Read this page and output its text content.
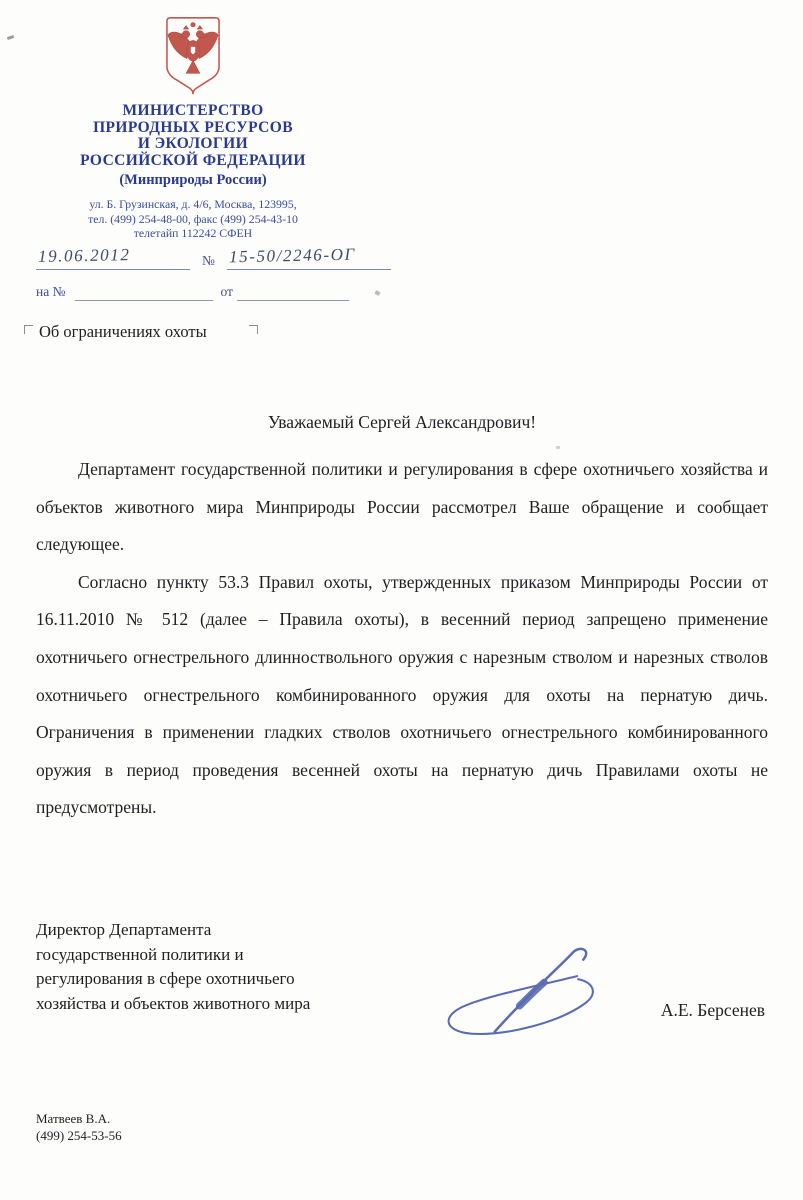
МИНИСТЕРСТВО
ПРИРОДНЫХ РЕСУРСОВ
И ЭКОЛОГИИ
РОССИЙСКОЙ ФЕДЕРАЦИИ
(Минприроды России)
ул. Б. Грузинская, д. 4/6, Москва, 123995,
тел. (499) 254-48-00, факс (499) 254-43-10
телетайп 112242 СФЕН
19.06.2012	№ 15-50/2246-ОГ
на №	от
Об ограничениях охоты
Уважаемый Сергей Александрович!

Департамент государственной политики и регулирования в сфере охотничьего хозяйства и объектов животного мира Минприроды России рассмотрел Ваше обращение и сообщает следующее.

Согласно пункту 53.3 Правил охоты, утвержденных приказом Минприроды России от 16.11.2010 № 512 (далее – Правила охоты), в весенний период запрещено применение охотничьего огнестрельного длинноствольного оружия с нарезным стволом и нарезных стволов охотничьего огнестрельного комбинированного оружия для охоты на пернатую дичь. Ограничения в применении гладких стволов охотничьего огнестрельного комбинированного оружия в период проведения весенней охоты на пернатую дичь Правилами охоты не предусмотрены.

Директор Департамента
государственной политики и
регулирования в сфере охотничьего
хозяйства и объектов животного мира	А.Е. Берсенев
Матвеев В.А.
(499) 254-53-56
